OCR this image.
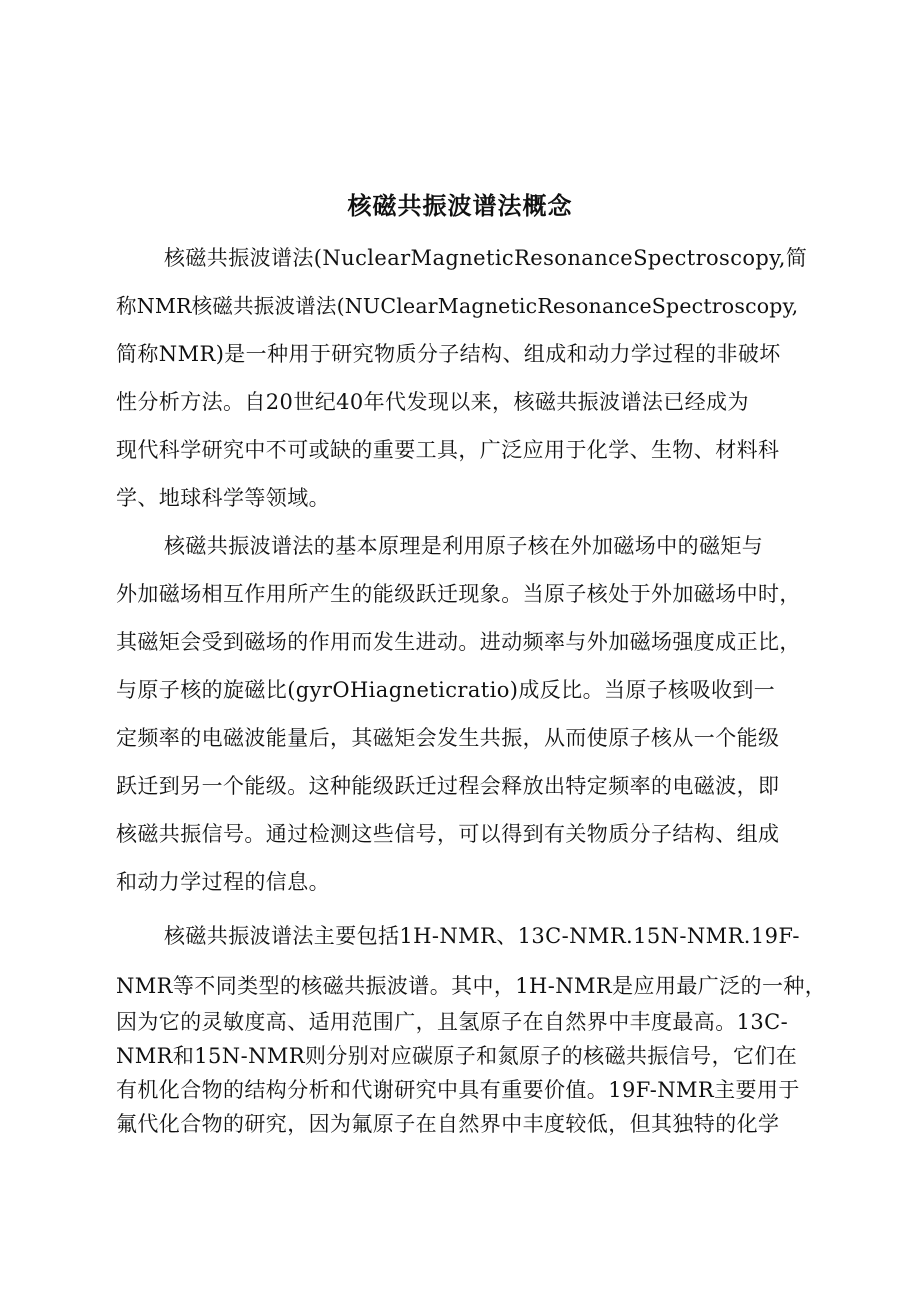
核磁共振波谱法概念

核磁共振波谱法(NuclearMagneticResonanceSpectroscopy,简

称NMR核磁共振波谱法(NUClearMagneticResonanceSpectroscopy,

简称NMR)是一种用于研究物质分子结构、组成和动力学过程的非破坏

性分析方法。自20世纪40年代发现以来，核磁共振波谱法已经成为

现代科学研究中不可或缺的重要工具，广泛应用于化学、生物、材料科

学、地球科学等领域。

核磁共振波谱法的基本原理是利用原子核在外加磁场中的磁矩与

外加磁场相互作用所产生的能级跃迁现象。当原子核处于外加磁场中时，

其磁矩会受到磁场的作用而发生进动。进动频率与外加磁场强度成正比，

与原子核的旋磁比(gyrOHiagneticratio)成反比。当原子核吸收到一

定频率的电磁波能量后，其磁矩会发生共振，从而使原子核从一个能级

跃迁到另一个能级。这种能级跃迁过程会释放出特定频率的电磁波，即

核磁共振信号。通过检测这些信号，可以得到有关物质分子结构、组成

和动力学过程的信息。

核磁共振波谱法主要包括1H-NMR、13C-NMR.15N-NMR.19F-

NMR等不同类型的核磁共振波谱。其中，1H-NMR是应用最广泛的一种，

因为它的灵敏度高、适用范围广，且氢原子在自然界中丰度最高。13C-

NMR和15N-NMR则分别对应碳原子和氮原子的核磁共振信号，它们在

有机化合物的结构分析和代谢研究中具有重要价值。19F-NMR主要用于

氟代化合物的研究，因为氟原子在自然界中丰度较低，但其独特的化学
